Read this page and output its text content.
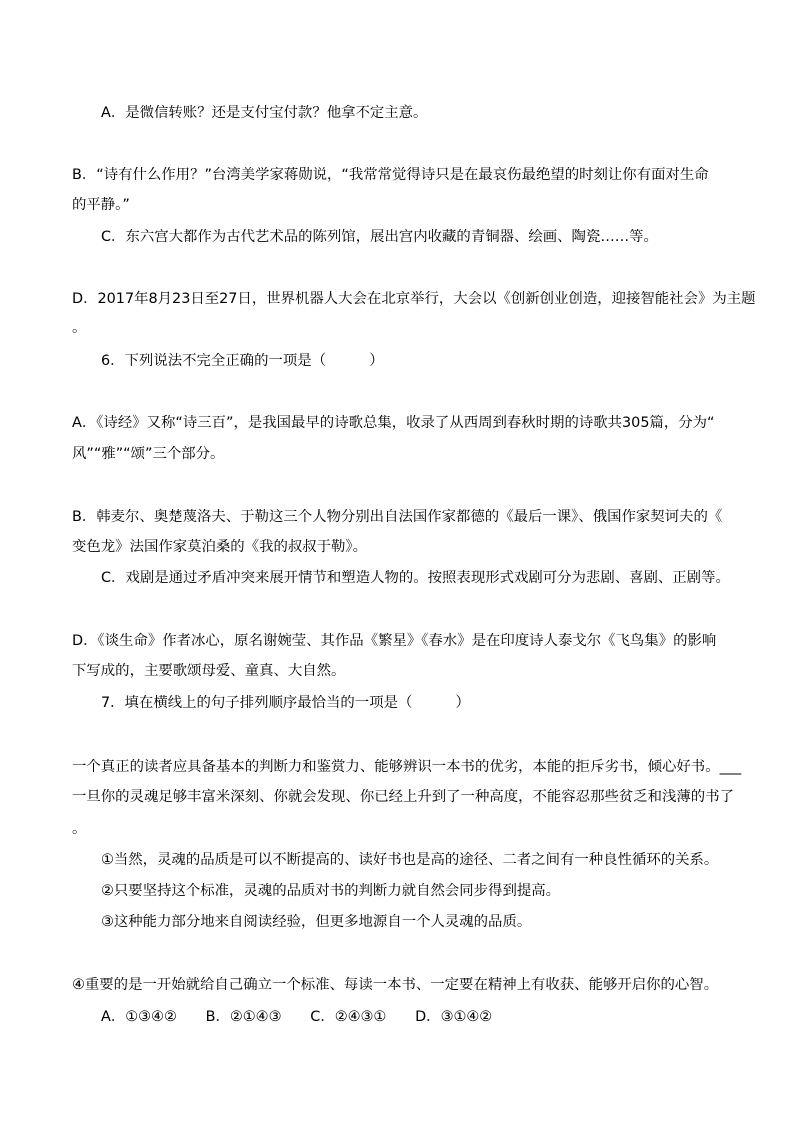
A．是微信转账？还是支付宝付款？他拿不定主意。
B．“诗有什么作用？”台湾美学家蒋勋说，“我常常觉得诗只是在最哀伤最绝望的时刻让你有面对生命
的平静。”
C．东六宫大都作为古代艺术品的陈列馆，展出宫内收藏的青铜器、绘画、陶瓷……等。
D．2017年8月23日至27日，世界机器人大会在北京举行，大会以《创新创业创造，迎接智能社会》为主题
。
6．下列说法不完全正确的一项是（　　　）
A．《诗经》又称“诗三百”，是我国最早的诗歌总集，收录了从西周到春秋时期的诗歌共305篇，分为“
风”“雅”“颂”三个部分。
B．韩麦尔、奥楚蔑洛夫、于勒这三个人物分别出自法国作家都德的《最后一课》、俄国作家契诃夫的《
变色龙》法国作家莫泊桑的《我的叔叔于勒》。
C．戏剧是通过矛盾冲突来展开情节和塑造人物的。按照表现形式戏剧可分为悲剧、喜剧、正剧等。
D．《谈生命》作者冰心，原名谢婉莹、其作品《繁星》《春水》是在印度诗人泰戈尔《飞鸟集》的影响
下写成的，主要歌颂母爱、童真、大自然。
7．填在横线上的句子排列顺序最恰当的一项是（　　　）
一个真正的读者应具备基本的判断力和鉴赏力、能够辨识一本书的优劣，本能的拒斥劣书，倾心好书。___
一旦你的灵魂足够丰富米深刻、你就会发现、你已经上升到了一种高度，不能容忍那些贫乏和浅薄的书了
。
①当然，灵魂的品质是可以不断提高的、读好书也是高的途径、二者之间有一种良性循环的关系。
②只要坚持这个标准，灵魂的品质对书的判断力就自然会同步得到提高。
③这种能力部分地来自阅读经验，但更多地源自一个人灵魂的品质。
④重要的是一开始就给自己确立一个标准、每读一本书、一定要在精神上有收获、能够开启你的心智。
A．①③④②　　B．②①④③　　C．②④③①　　D．③①④②
